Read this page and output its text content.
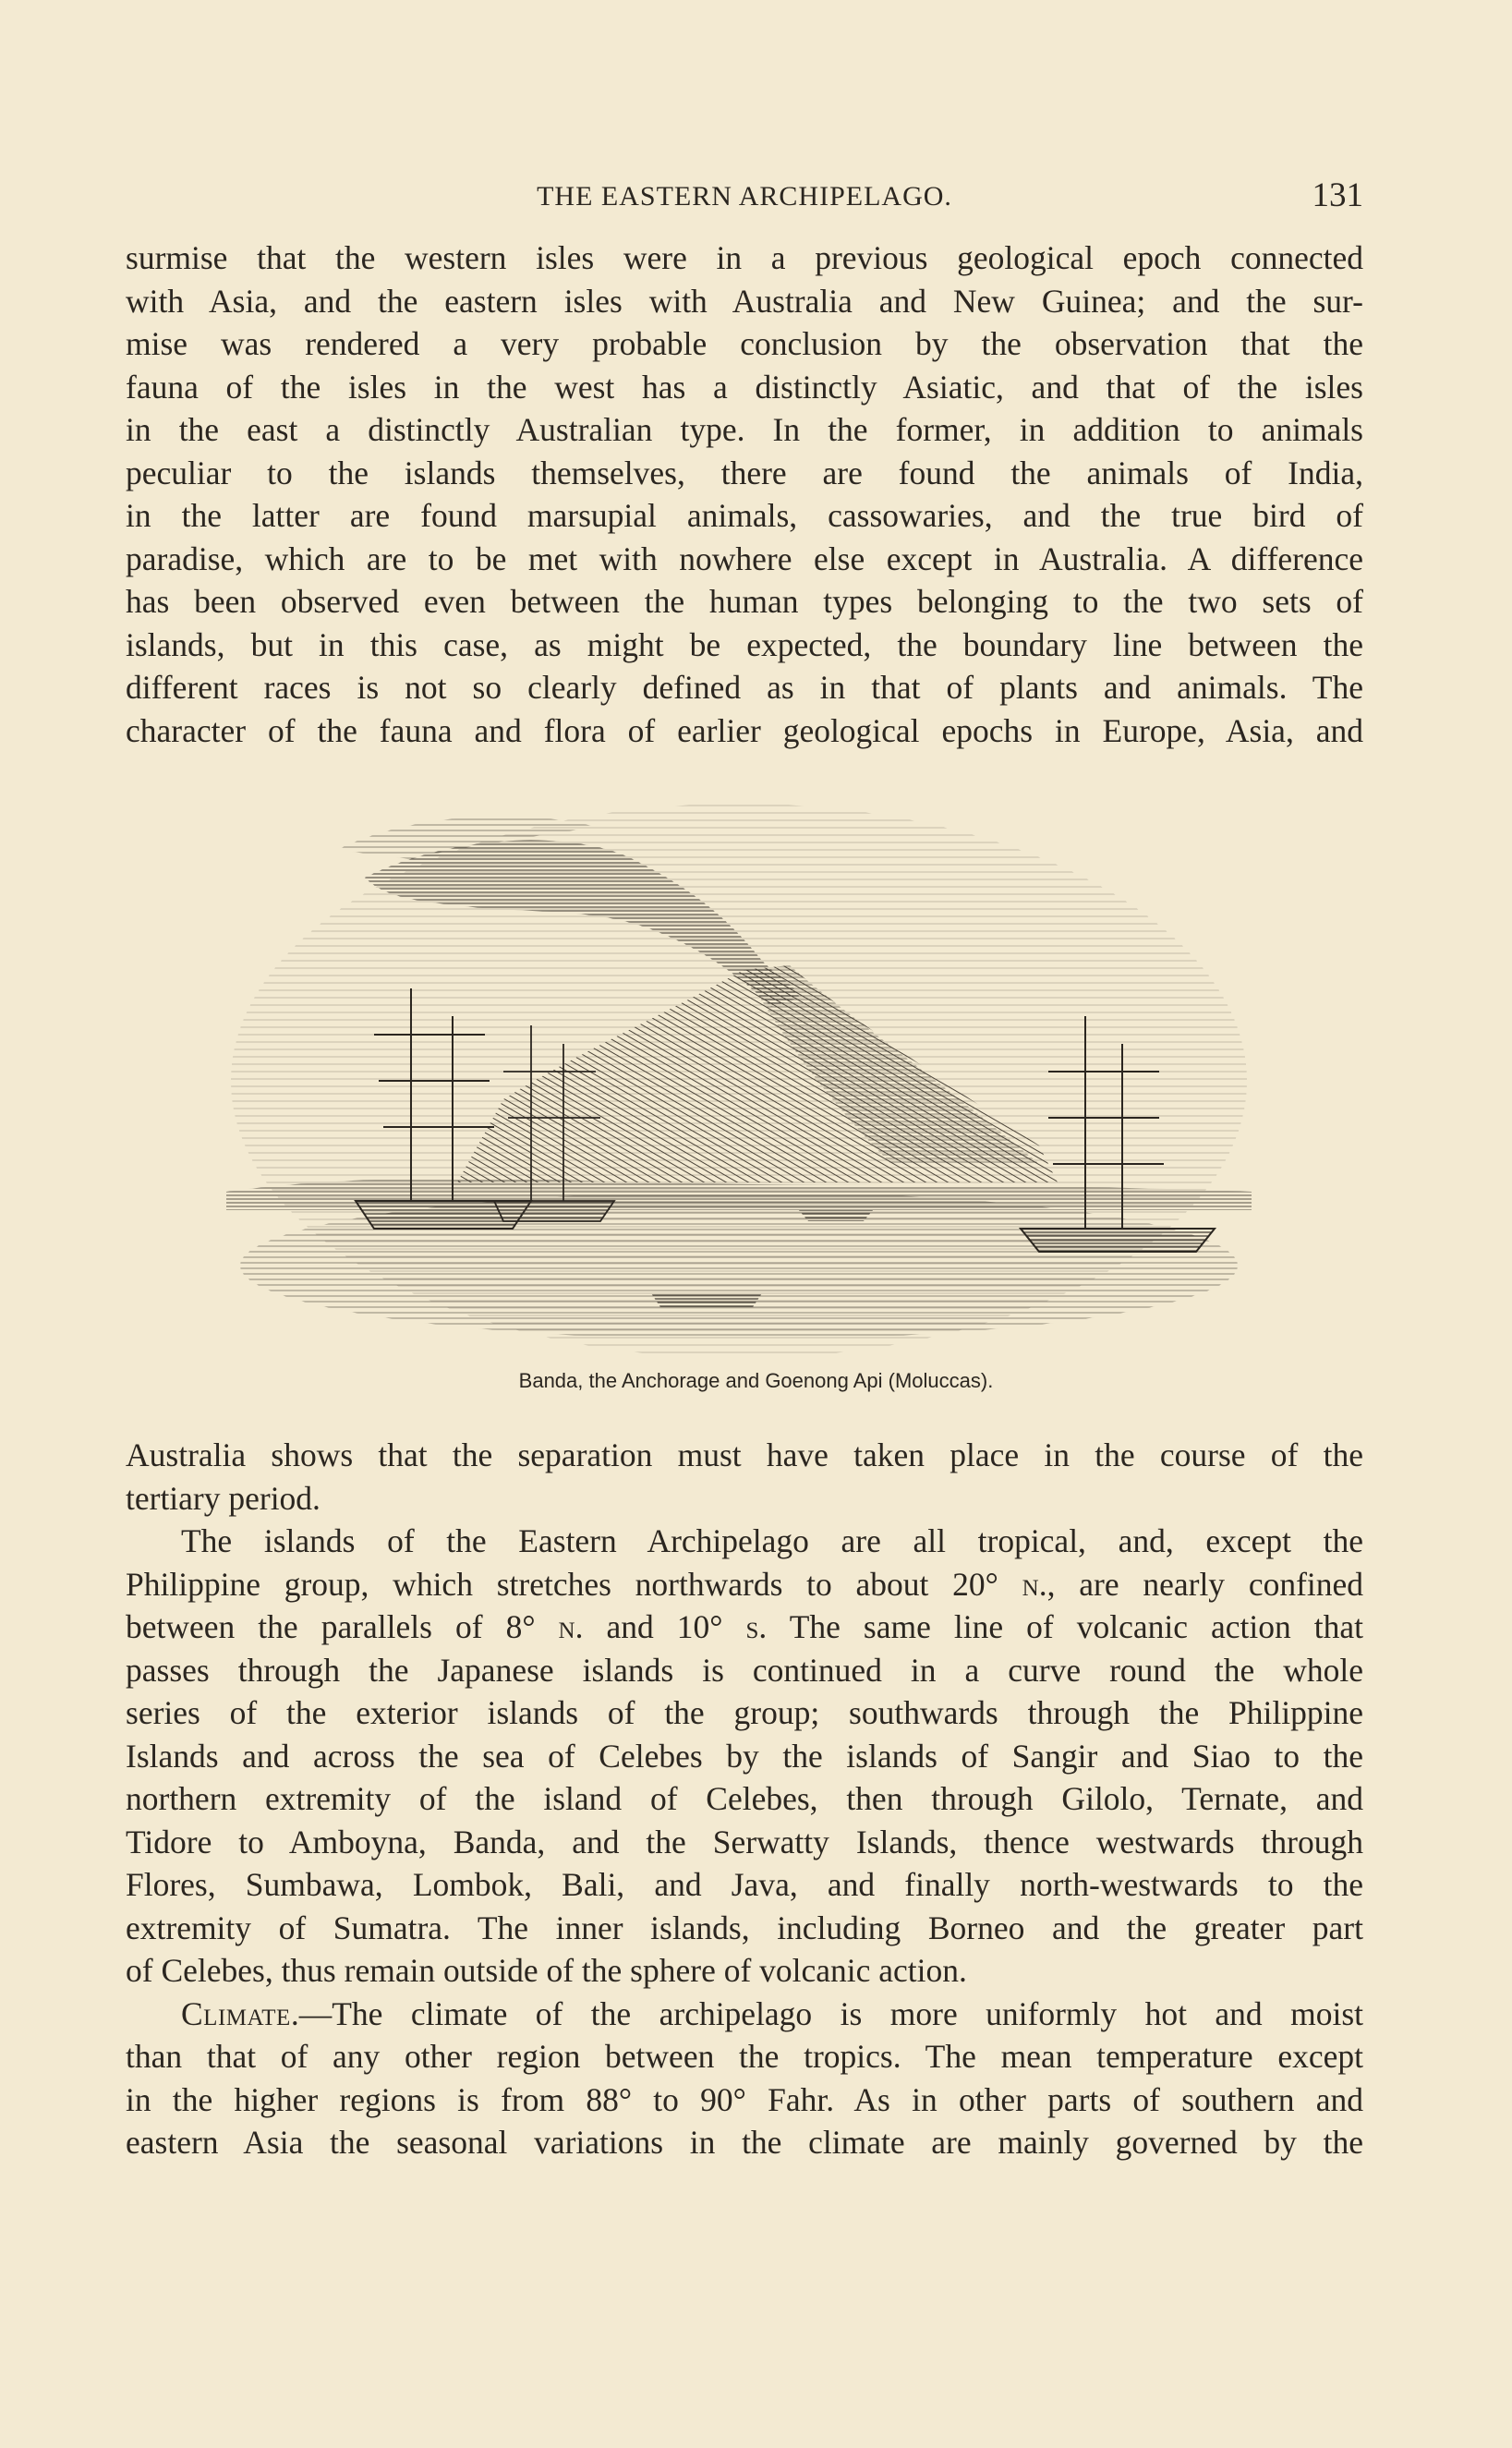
THE EASTERN ARCHIPELAGO.	131
surmise that the western isles were in a previous geological epoch connected
with Asia, and the eastern isles with Australia and New Guinea; and the sur-
mise was rendered a very probable conclusion by the observation that the
fauna of the isles in the west has a distinctly Asiatic, and that of the isles
in the east a distinctly Australian type. In the former, in addition to animals
peculiar to the islands themselves, there are found the animals of India,
in the latter are found marsupial animals, cassowaries, and the true bird of
paradise, which are to be met with nowhere else except in Australia. A difference
has been observed even between the human types belonging to the two sets of
islands, but in this case, as might be expected, the boundary line between the
different races is not so clearly defined as in that of plants and animals. The
character of the fauna and flora of earlier geological epochs in Europe, Asia, and
Banda, the Anchorage and Goenong Api (Moluccas).
Australia shows that the separation must have taken place in the course of the
tertiary period.
The islands of the Eastern Archipelago are all tropical, and, except the
Philippine group, which stretches northwards to about 20° n., are nearly confined
between the parallels of 8° n. and 10° s. The same line of volcanic action that
passes through the Japanese islands is continued in a curve round the whole
series of the exterior islands of the group; southwards through the Philippine
Islands and across the sea of Celebes by the islands of Sangir and Siao to the
northern extremity of the island of Celebes, then through Gilolo, Ternate, and
Tidore to Amboyna, Banda, and the Serwatty Islands, thence westwards through
Flores, Sumbawa, Lombok, Bali, and Java, and finally north-westwards to the
extremity of Sumatra. The inner islands, including Borneo and the greater part
of Celebes, thus remain outside of the sphere of volcanic action.
Climate.—The climate of the archipelago is more uniformly hot and moist
than that of any other region between the tropics. The mean temperature except
in the higher regions is from 88° to 90° Fahr. As in other parts of southern and
eastern Asia the seasonal variations in the climate are mainly governed by the
